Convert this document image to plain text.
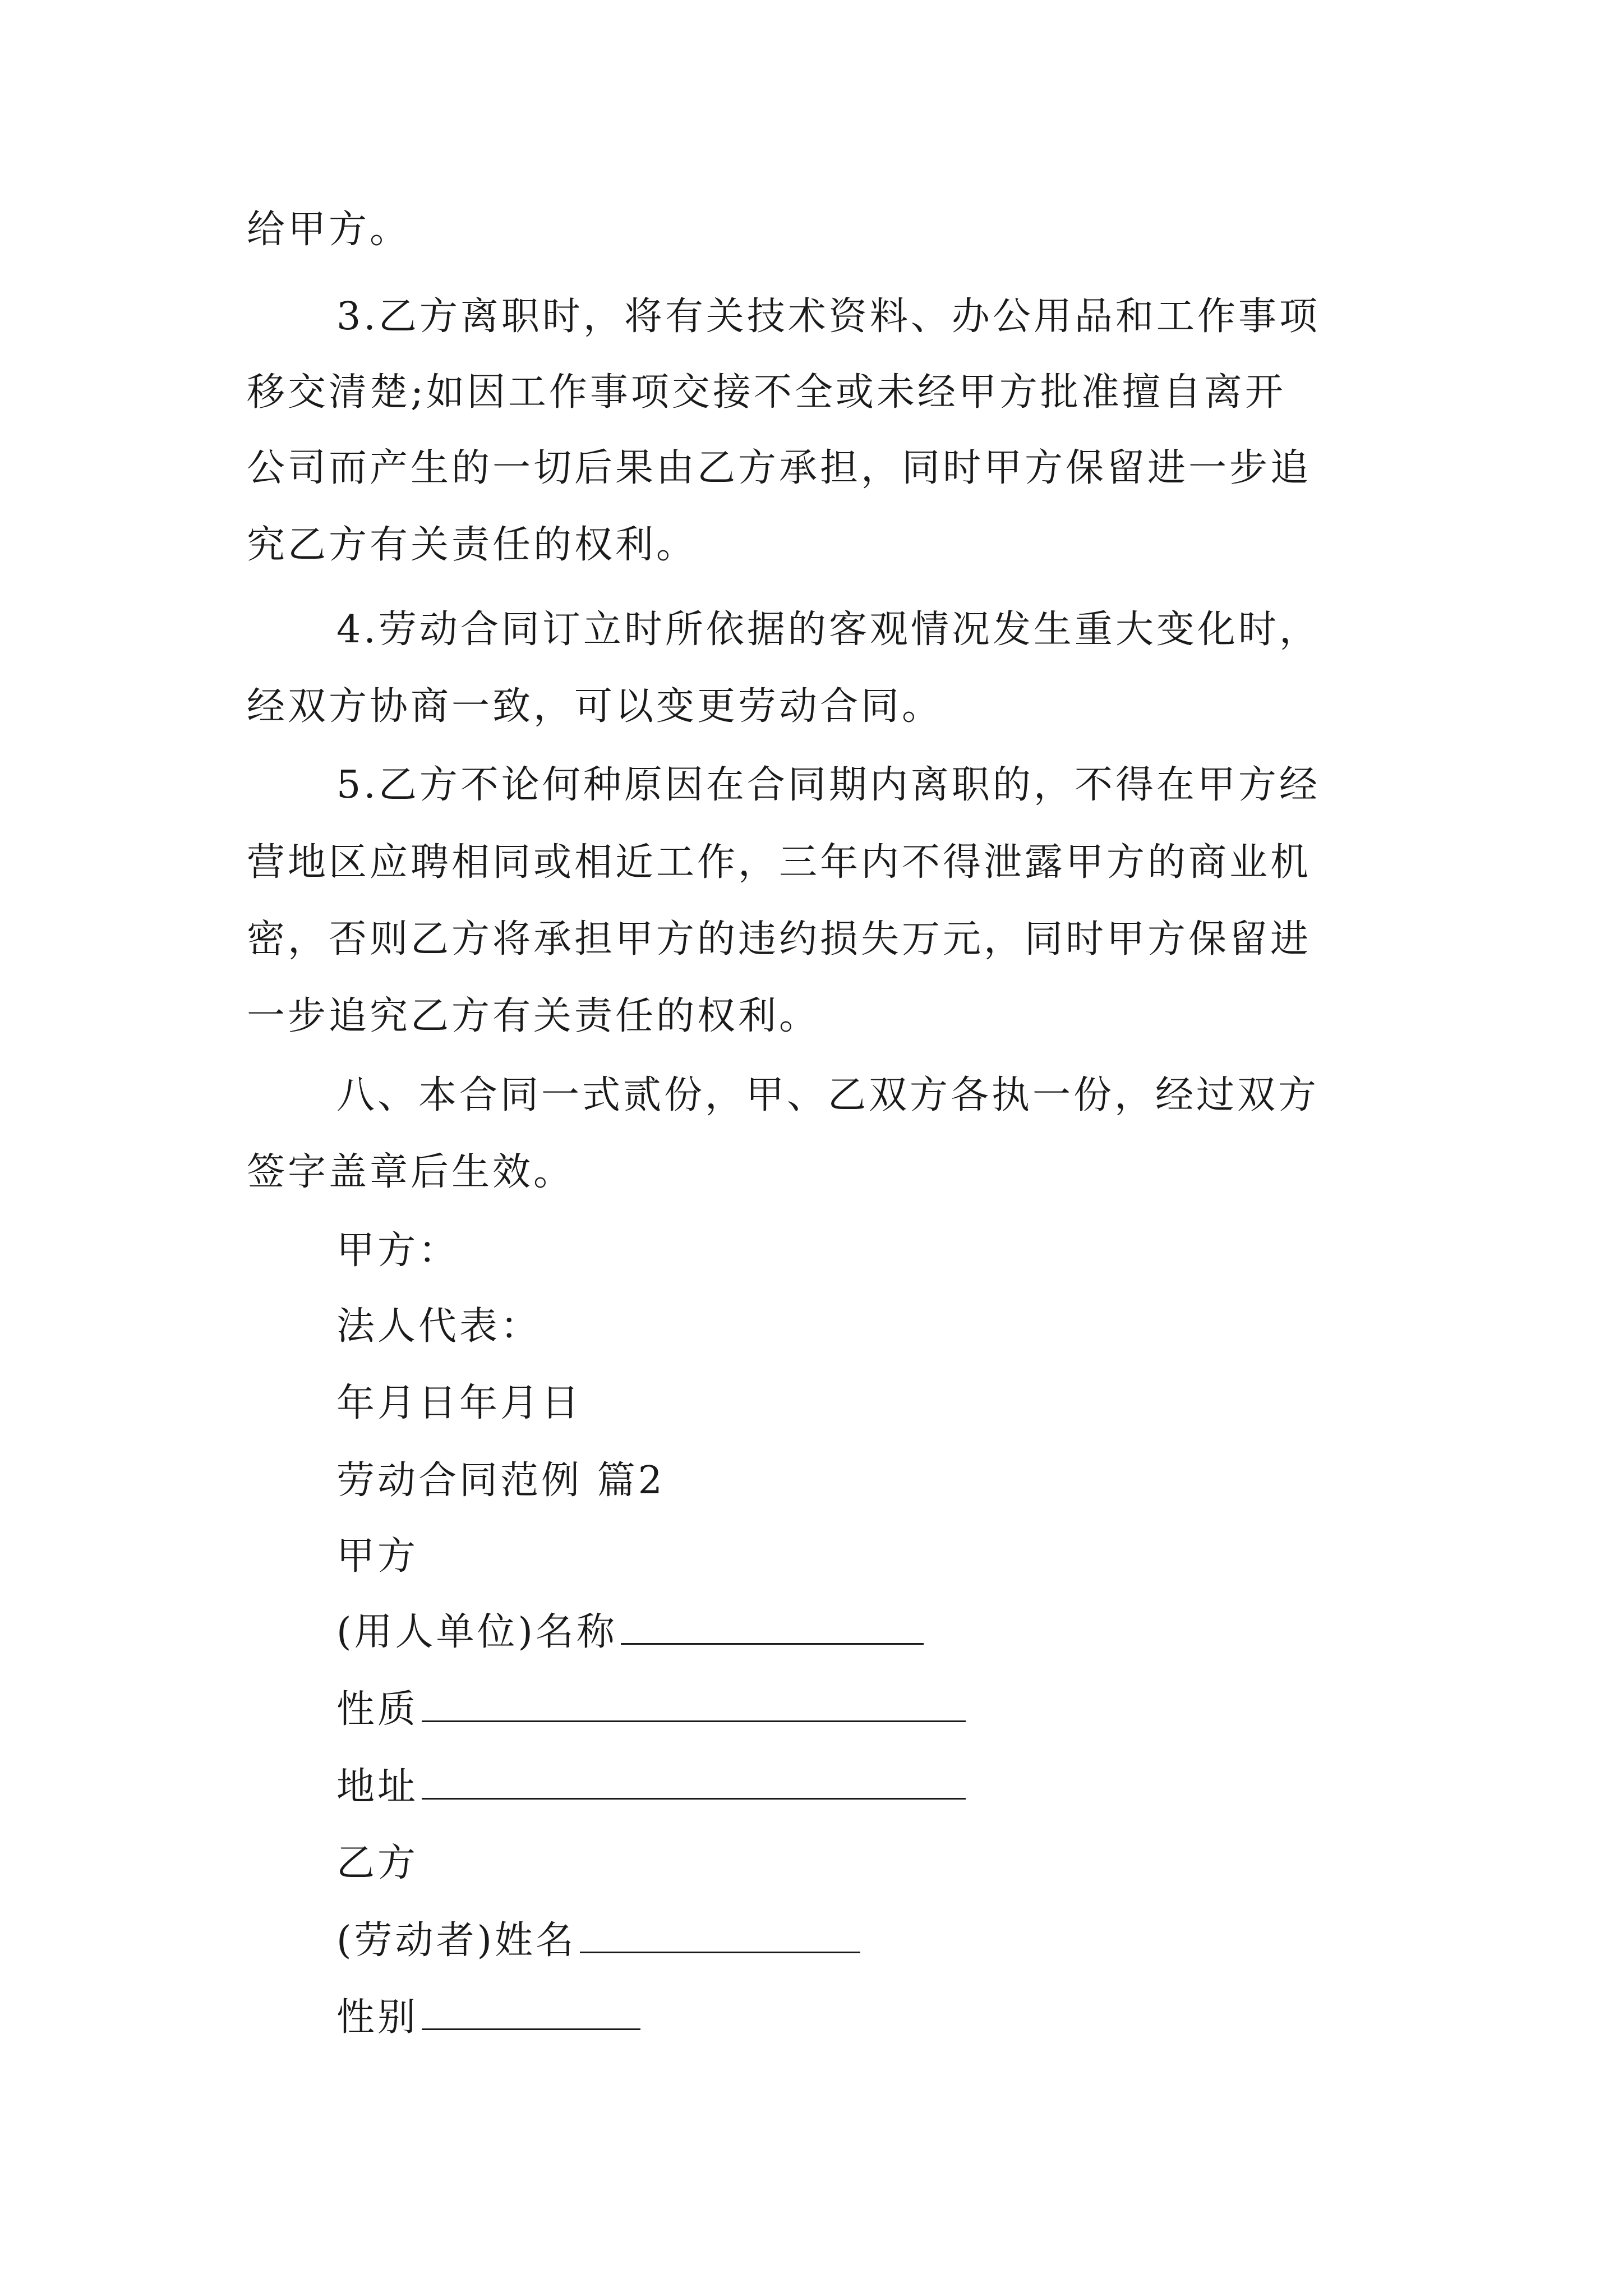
给甲方。
3.乙方离职时，将有关技术资料、办公用品和工作事项
移交清楚;如因工作事项交接不全或未经甲方批准擅自离开
公司而产生的一切后果由乙方承担，同时甲方保留进一步追
究乙方有关责任的权利。
4.劳动合同订立时所依据的客观情况发生重大变化时，
经双方协商一致，可以变更劳动合同。
5.乙方不论何种原因在合同期内离职的，不得在甲方经
营地区应聘相同或相近工作，三年内不得泄露甲方的商业机
密，否则乙方将承担甲方的违约损失万元，同时甲方保留进
一步追究乙方有关责任的权利。
八、本合同一式贰份，甲、乙双方各执一份，经过双方
签字盖章后生效。
甲方：
法人代表：
年月日年月日
劳动合同范例 篇2
甲方
(用人单位)名称
性质
地址
乙方
(劳动者)姓名
性别
